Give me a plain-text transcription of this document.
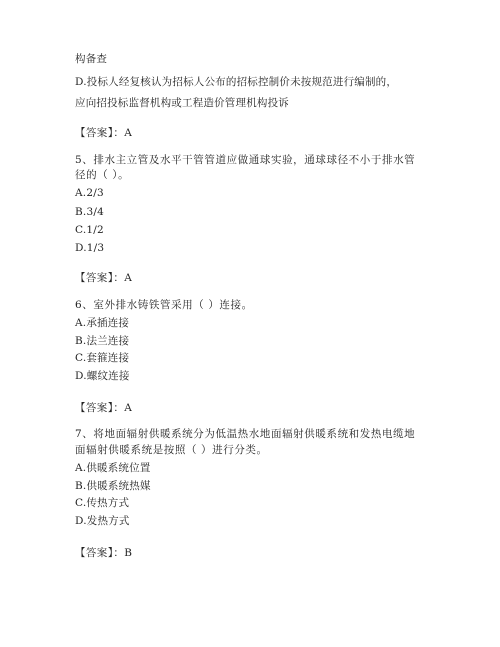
构备查
D.投标人经复核认为招标人公布的招标控制价未按规范进行编制的，
应向招投标监督机构或工程造价管理机构投诉
【答案】：A
5、排水主立管及水平干管管道应做通球实验，通球球径不小于排水管
径的（ ）。
A.2/3
B.3/4
C.1/2
D.1/3
【答案】：A
6、室外排水铸铁管采用（ ）连接。
A.承插连接
B.法兰连接
C.套箍连接
D.螺纹连接
【答案】：A
7、将地面辐射供暖系统分为低温热水地面辐射供暖系统和发热电缆地
面辐射供暖系统是按照（ ）进行分类。
A.供暖系统位置
B.供暖系统热媒
C.传热方式
D.发热方式
【答案】：B
